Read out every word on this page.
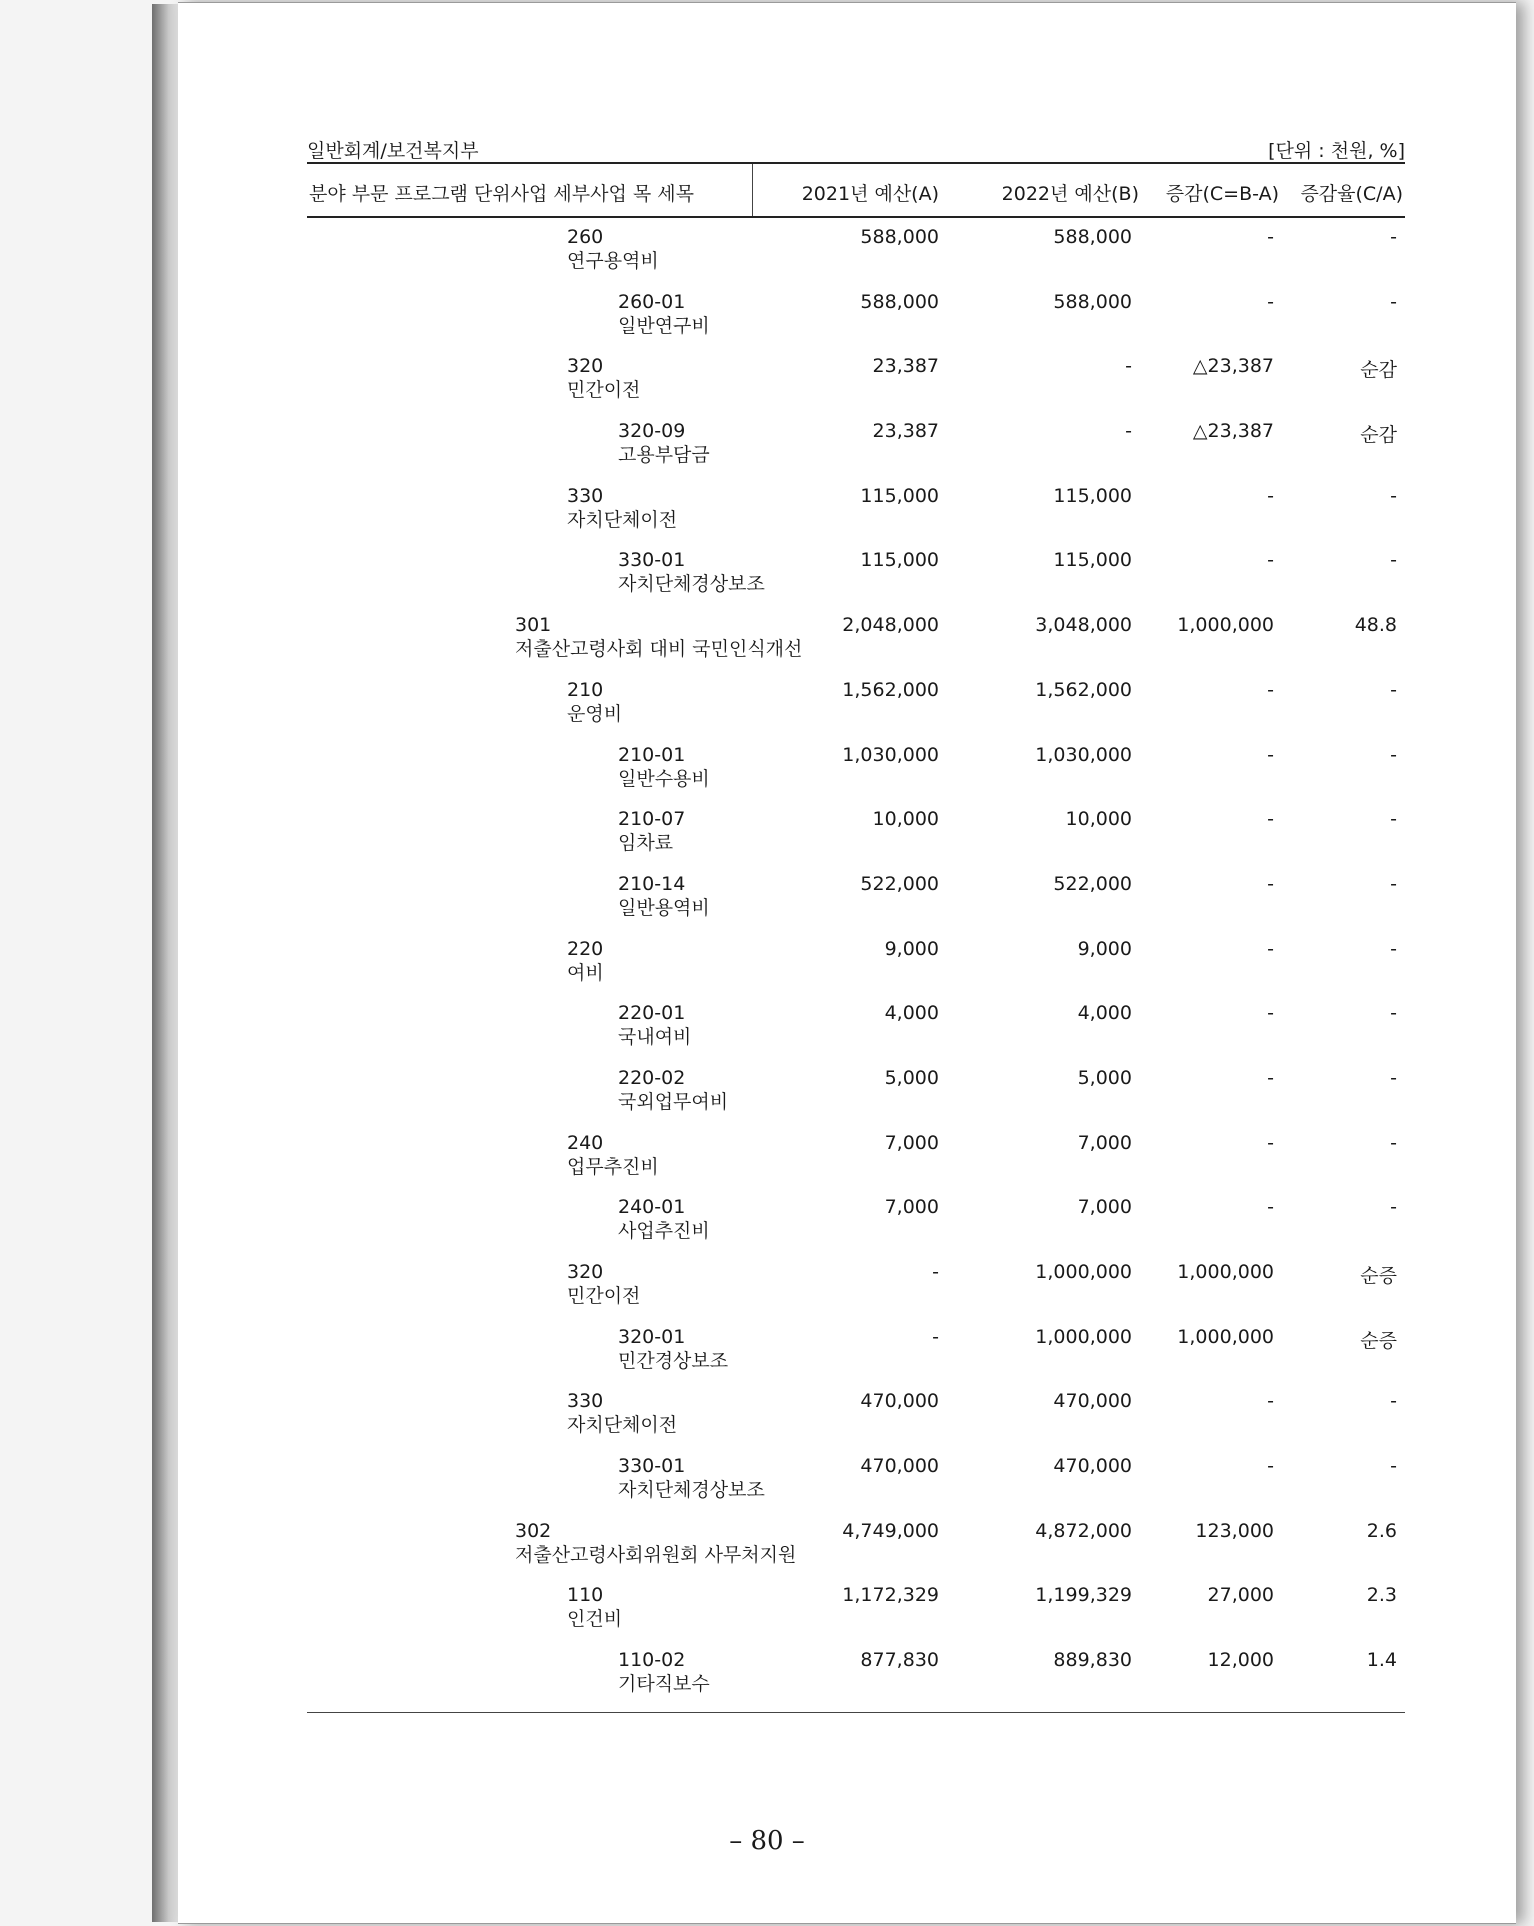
일반회계/보건복지부	[단위 : 천원, %]
분야 부문 프로그램 단위사업 세부사업 목 세목	2021년 예산(A)	2022년 예산(B) 증감(C=B-A) 증감율(C/A)
260
연구용역비
588,000	588,000	-	-
260-01
일반연구비
588,000	588,000	-	-
320
민간이전
23,387	-	△23,387	순감
320-09
고용부담금
23,387	-	△23,387	순감
330
자치단체이전
115,000	115,000	-	-
330-01
자치단체경상보조
115,000	115,000	-	-
301
저출산고령사회 대비 국민인식개선
2,048,000	3,048,000 1,000,000	48.8
210
운영비
1,562,000	1,562,000	-	-
210-01
일반수용비
1,030,000	1,030,000	-	-
210-07
임차료
10,000	10,000	-	-
210-14
일반용역비
522,000	522,000	-	-
220
여비
9,000	9,000	-	-
220-01
국내여비
4,000	4,000	-	-
220-02
국외업무여비
5,000	5,000	-	-
240
업무추진비
7,000	7,000	-	-
240-01
사업추진비
7,000	7,000	-	-
320
민간이전
-	1,000,000 1,000,000	순증
320-01
민간경상보조
-	1,000,000 1,000,000	순증
330
자치단체이전
470,000	470,000	-	-
330-01
자치단체경상보조
470,000	470,000	-	-
302
저출산고령사회위원회 사무처지원
4,749,000	4,872,000	123,000	2.6
110
인건비
1,172,329	1,199,329	27,000	2.3
110-02
기타직보수
877,830	889,830	12,000	1.4
– 80 –
